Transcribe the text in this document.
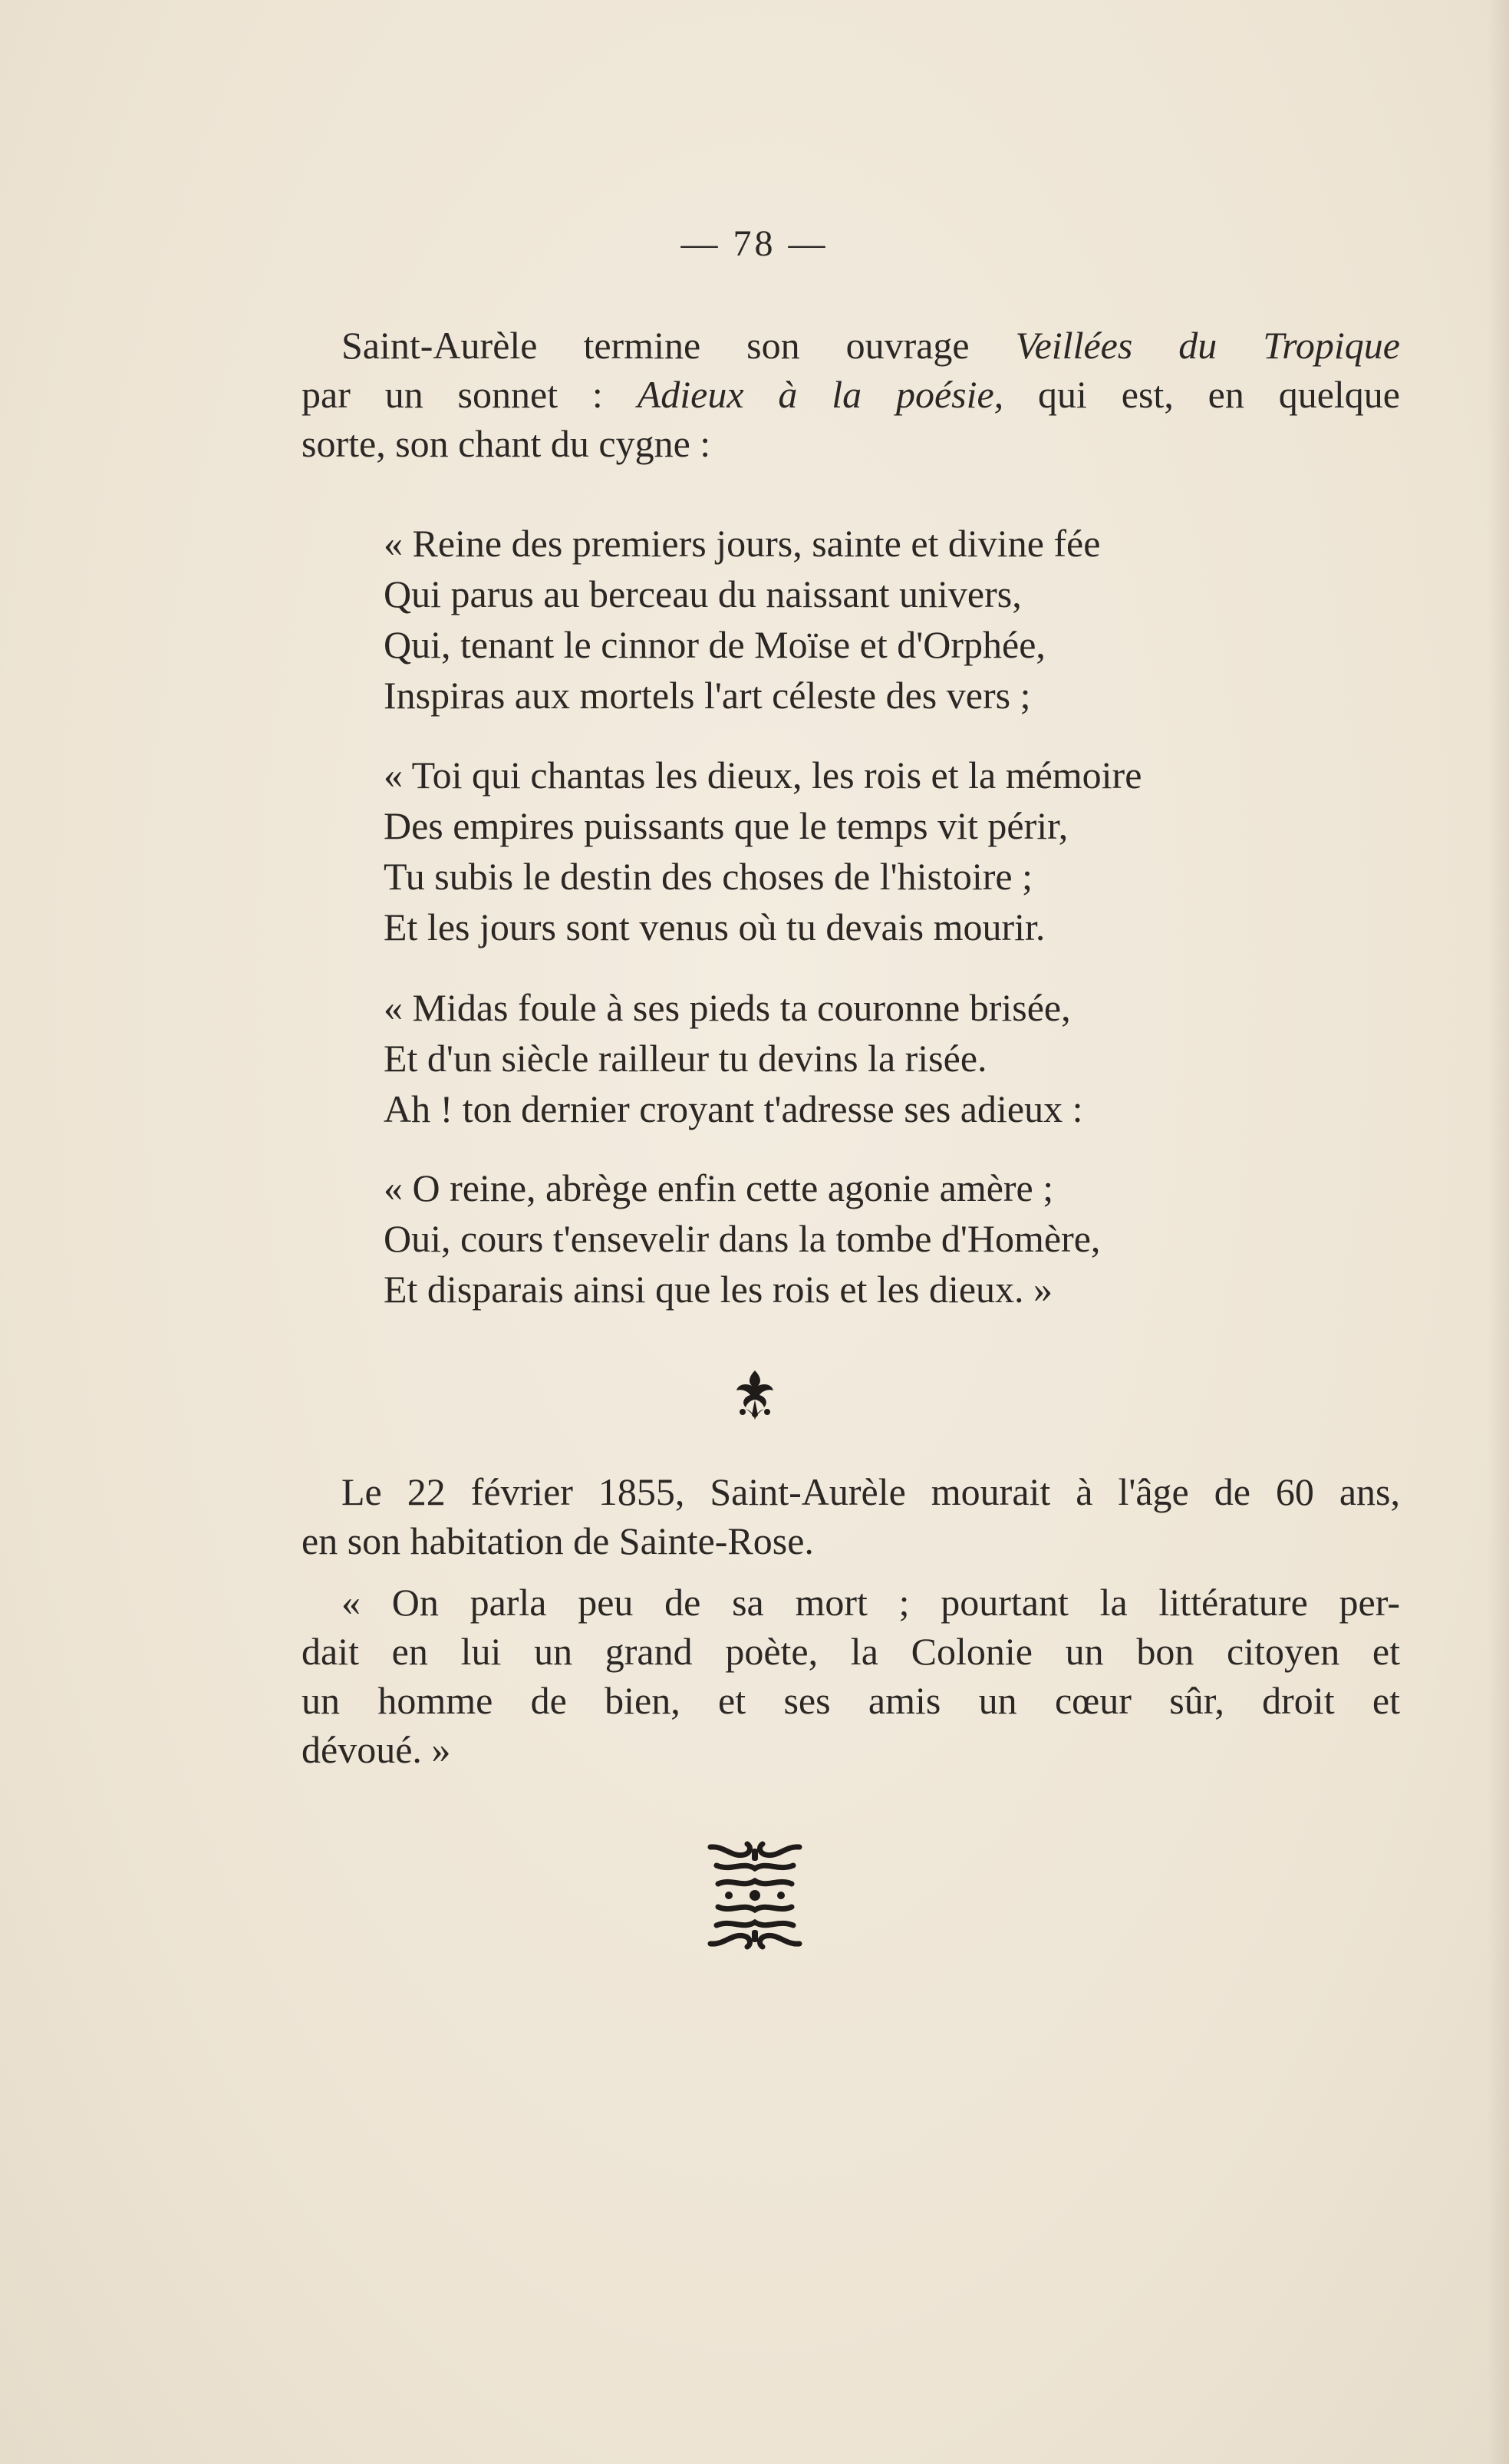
— 78 —
Saint-Aurèle termine son ouvrage Veillées du Tropique
par un sonnet : Adieux à la poésie, qui est, en quelque
sorte, son chant du cygne :
« Reine des premiers jours, sainte et divine fée
Qui parus au berceau du naissant univers,
Qui, tenant le cinnor de Moïse et d'Orphée,
Inspiras aux mortels l'art céleste des vers ;
« Toi qui chantas les dieux, les rois et la mémoire
Des empires puissants que le temps vit périr,
Tu subis le destin des choses de l'histoire ;
Et les jours sont venus où tu devais mourir.
« Midas foule à ses pieds ta couronne brisée,
Et d'un siècle railleur tu devins la risée.
Ah ! ton dernier croyant t'adresse ses adieux :
« O reine, abrège enfin cette agonie amère ;
Oui, cours t'ensevelir dans la tombe d'Homère,
Et disparais ainsi que les rois et les dieux. »
Le 22 février 1855, Saint-Aurèle mourait à l'âge de 60 ans,
en son habitation de Sainte-Rose.
« On parla peu de sa mort ; pourtant la littérature per-
dait en lui un grand poète, la Colonie un bon citoyen et
un homme de bien, et ses amis un cœur sûr, droit et
dévoué. »
